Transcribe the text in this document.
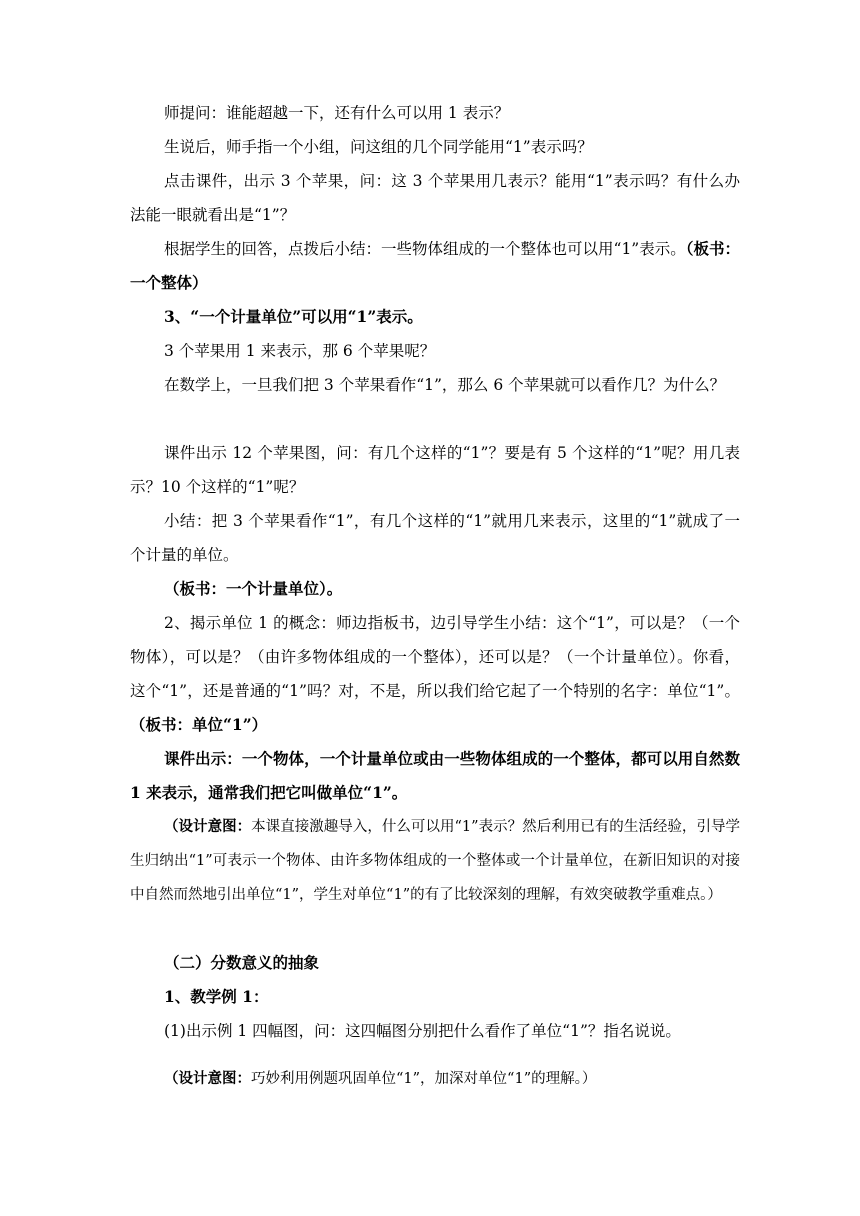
师提问：谁能超越一下，还有什么可以用 1 表示？

生说后，师手指一个小组，问这组的几个同学能用“1”表示吗？

点击课件，出示 3 个苹果，问：这 3 个苹果用几表示？能用“1”表示吗？有什么办法能一眼就看出是“1”？

根据学生的回答，点拨后小结：一些物体组成的一个整体也可以用“1”表示。（板书：一个整体）

3、“一个计量单位”可以用“1”表示。

3 个苹果用 1 来表示，那 6 个苹果呢？

在数学上，一旦我们把 3 个苹果看作“1”，那么 6 个苹果就可以看作几？为什么？

课件出示 12 个苹果图，问：有几个这样的“1”？要是有 5 个这样的“1”呢？用几表示？10 个这样的“1”呢？

小结：把 3 个苹果看作“1”，有几个这样的“1”就用几来表示，这里的“1”就成了一个计量的单位。

（板书：一个计量单位）。

2、揭示单位 1 的概念：师边指板书，边引导学生小结：这个“1”，可以是？（一个物体），可以是？（由许多物体组成的一个整体），还可以是？（一个计量单位）。你看，这个“1”，还是普通的“1”吗？对，不是，所以我们给它起了一个特别的名字：单位“1”。（板书：单位“1”）

课件出示：一个物体，一个计量单位或由一些物体组成的一个整体，都可以用自然数 1 来表示，通常我们把它叫做单位“1”。

（设计意图：本课直接激趣导入，什么可以用“1”表示？然后利用已有的生活经验，引导学生归纳出“1”可表示一个物体、由许多物体组成的一个整体或一个计量单位，在新旧知识的对接中自然而然地引出单位“1”，学生对单位“1”的有了比较深刻的理解，有效突破教学重难点。）

（二）分数意义的抽象

1、教学例 1：

(1)出示例 1 四幅图，问：这四幅图分别把什么看作了单位“1”？指名说说。

（设计意图：巧妙利用例题巩固单位“1”，加深对单位“1”的理解。）
